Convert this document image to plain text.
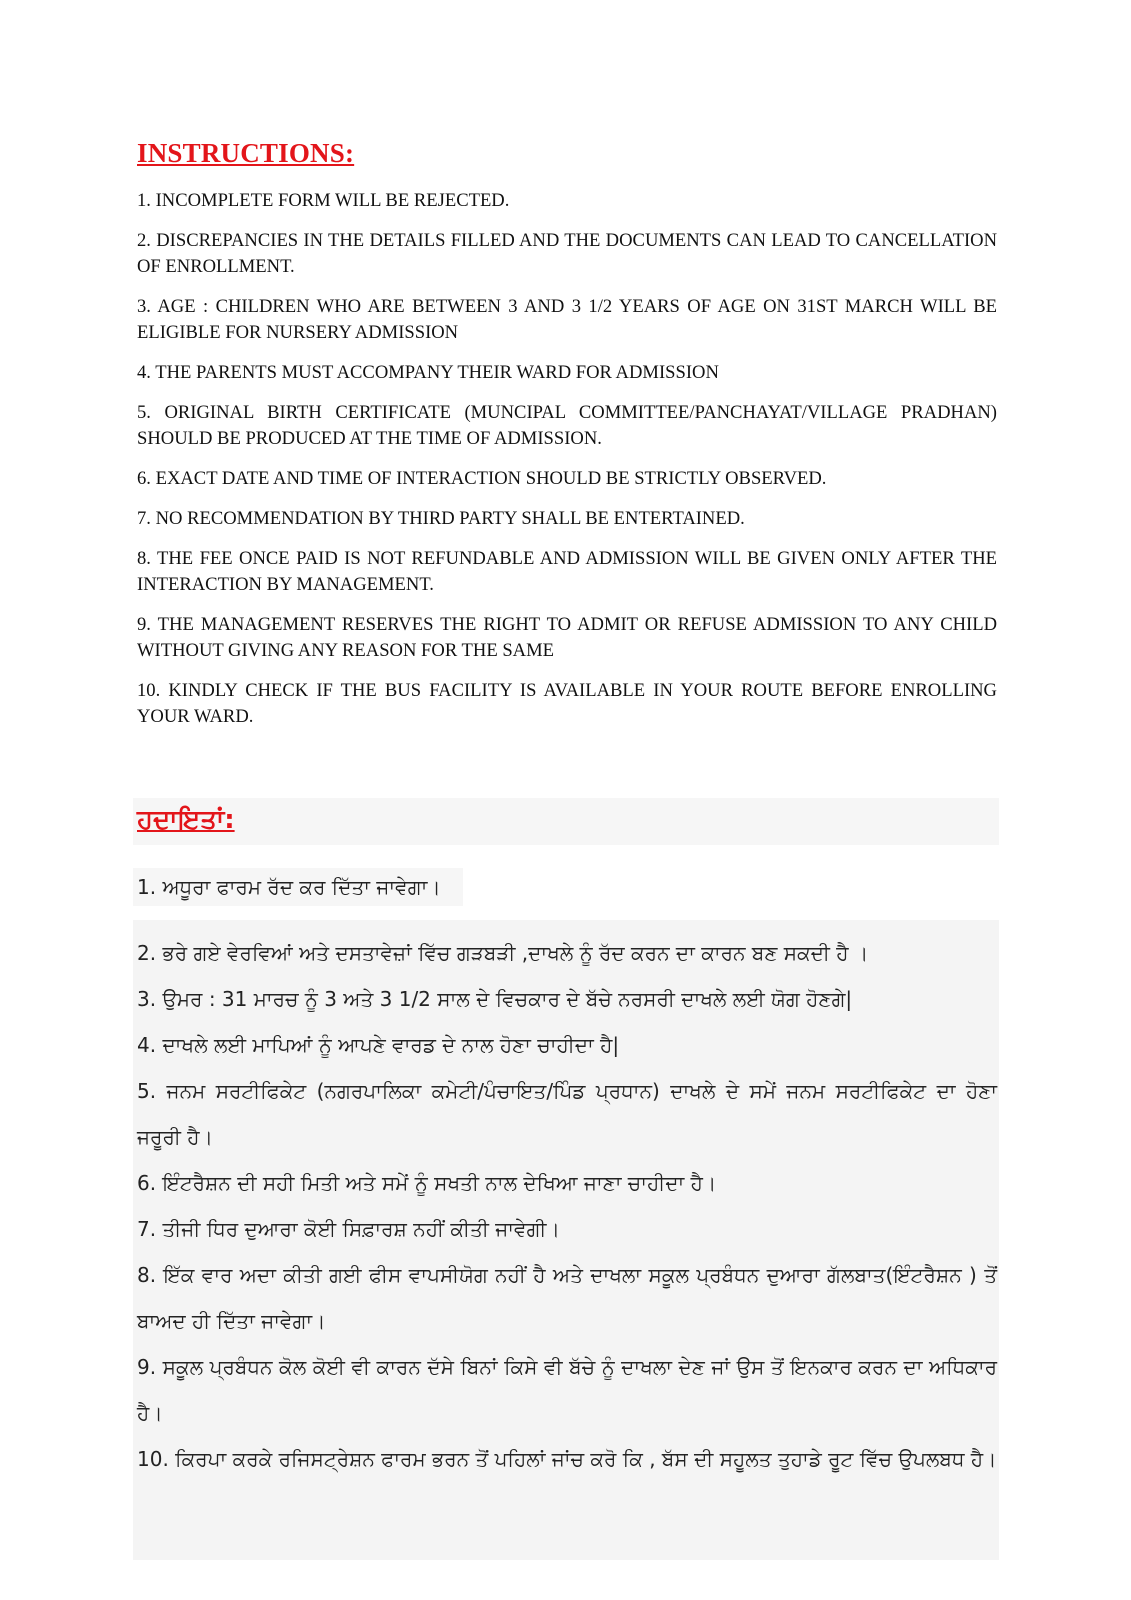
INSTRUCTIONS:

1. INCOMPLETE FORM WILL BE REJECTED.

2. DISCREPANCIES IN THE DETAILS FILLED AND THE DOCUMENTS CAN LEAD TO CANCELLATION OF ENROLLMENT.

3. AGE : CHILDREN WHO ARE BETWEEN 3 AND 3 1/2 YEARS OF AGE ON 31ST MARCH WILL BE ELIGIBLE FOR NURSERY ADMISSION

4. THE PARENTS MUST ACCOMPANY THEIR WARD FOR ADMISSION

5. ORIGINAL BIRTH CERTIFICATE (MUNCIPAL COMMITTEE/PANCHAYAT/VILLAGE PRADHAN) SHOULD BE PRODUCED AT THE TIME OF ADMISSION.

6. EXACT DATE AND TIME OF INTERACTION SHOULD BE STRICTLY OBSERVED.

7. NO RECOMMENDATION BY THIRD PARTY SHALL BE ENTERTAINED.

8. THE FEE ONCE PAID IS NOT REFUNDABLE AND ADMISSION WILL BE GIVEN ONLY AFTER THE INTERACTION BY MANAGEMENT.

9. THE MANAGEMENT RESERVES THE RIGHT TO ADMIT OR REFUSE ADMISSION TO ANY CHILD WITHOUT GIVING ANY REASON FOR THE SAME

10. KINDLY CHECK IF THE BUS FACILITY IS AVAILABLE IN YOUR ROUTE BEFORE ENROLLING YOUR WARD.

ਹਦਾਇਤਾਂ:

1. ਅਧੂਰਾ ਫਾਰਮ ਰੱਦ ਕਰ ਦਿੱਤਾ ਜਾਵੇਗਾ।

2. ਭਰੇ ਗਏ ਵੇਰਵਿਆਂ ਅਤੇ ਦਸਤਾਵੇਜ਼ਾਂ ਵਿੱਚ ਗੜਬੜੀ ,ਦਾਖਲੇ ਨੂੰ ਰੱਦ ਕਰਨ ਦਾ ਕਾਰਨ ਬਣ ਸਕਦੀ ਹੈ ।

3. ਉਮਰ : 31 ਮਾਰਚ ਨੂੰ 3 ਅਤੇ 3 1/2 ਸਾਲ ਦੇ ਵਿਚਕਾਰ ਦੇ ਬੱਚੇ ਨਰਸਰੀ ਦਾਖਲੇ ਲਈ ਯੋਗ ਹੋਣਗੇ|

4. ਦਾਖਲੇ ਲਈ ਮਾਪਿਆਂ ਨੂੰ ਆਪਣੇ ਵਾਰਡ ਦੇ ਨਾਲ ਹੋਣਾ ਚਾਹੀਦਾ ਹੈ|

5. ਜਨਮ ਸਰਟੀਫਿਕੇਟ (ਨਗਰਪਾਲਿਕਾ ਕਮੇਟੀ/ਪੰਚਾਇਤ/ਪਿੰਡ ਪ੍ਰਧਾਨ) ਦਾਖਲੇ ਦੇ ਸਮੇਂ ਜਨਮ ਸਰਟੀਫਿਕੇਟ ਦਾ ਹੋਣਾ ਜਰੂਰੀ ਹੈ।

6. ਇੰਟਰੈਸ਼ਨ ਦੀ ਸਹੀ ਮਿਤੀ ਅਤੇ ਸਮੇਂ ਨੂੰ ਸਖਤੀ ਨਾਲ ਦੇਖਿਆ ਜਾਣਾ ਚਾਹੀਦਾ ਹੈ।

7. ਤੀਜੀ ਧਿਰ ਦੁਆਰਾ ਕੋਈ ਸਿਫ਼ਾਰਸ਼ ਨਹੀਂ ਕੀਤੀ ਜਾਵੇਗੀ।

8. ਇੱਕ ਵਾਰ ਅਦਾ ਕੀਤੀ ਗਈ ਫੀਸ ਵਾਪਸੀਯੋਗ ਨਹੀਂ ਹੈ ਅਤੇ ਦਾਖਲਾ ਸਕੂਲ ਪ੍ਰਬੰਧਨ ਦੁਆਰਾ ਗੱਲਬਾਤ(ਇੰਟਰੈਸ਼ਨ ) ਤੋਂ ਬਾਅਦ ਹੀ ਦਿੱਤਾ ਜਾਵੇਗਾ।

9. ਸਕੂਲ ਪ੍ਰਬੰਧਨ ਕੋਲ ਕੋਈ ਵੀ ਕਾਰਨ ਦੱਸੇ ਬਿਨਾਂ ਕਿਸੇ ਵੀ ਬੱਚੇ ਨੂੰ ਦਾਖਲਾ ਦੇਣ ਜਾਂ ਉਸ ਤੋਂ ਇਨਕਾਰ ਕਰਨ ਦਾ ਅਧਿਕਾਰ ਹੈ।

10. ਕਿਰਪਾ ਕਰਕੇ ਰਜਿਸਟ੍ਰੇਸ਼ਨ ਫਾਰਮ ਭਰਨ ਤੋਂ ਪਹਿਲਾਂ ਜਾਂਚ ਕਰੋ ਕਿ , ਬੱਸ ਦੀ ਸਹੂਲਤ ਤੁਹਾਡੇ ਰੂਟ ਵਿੱਚ ਉਪਲਬਧ ਹੈ।
